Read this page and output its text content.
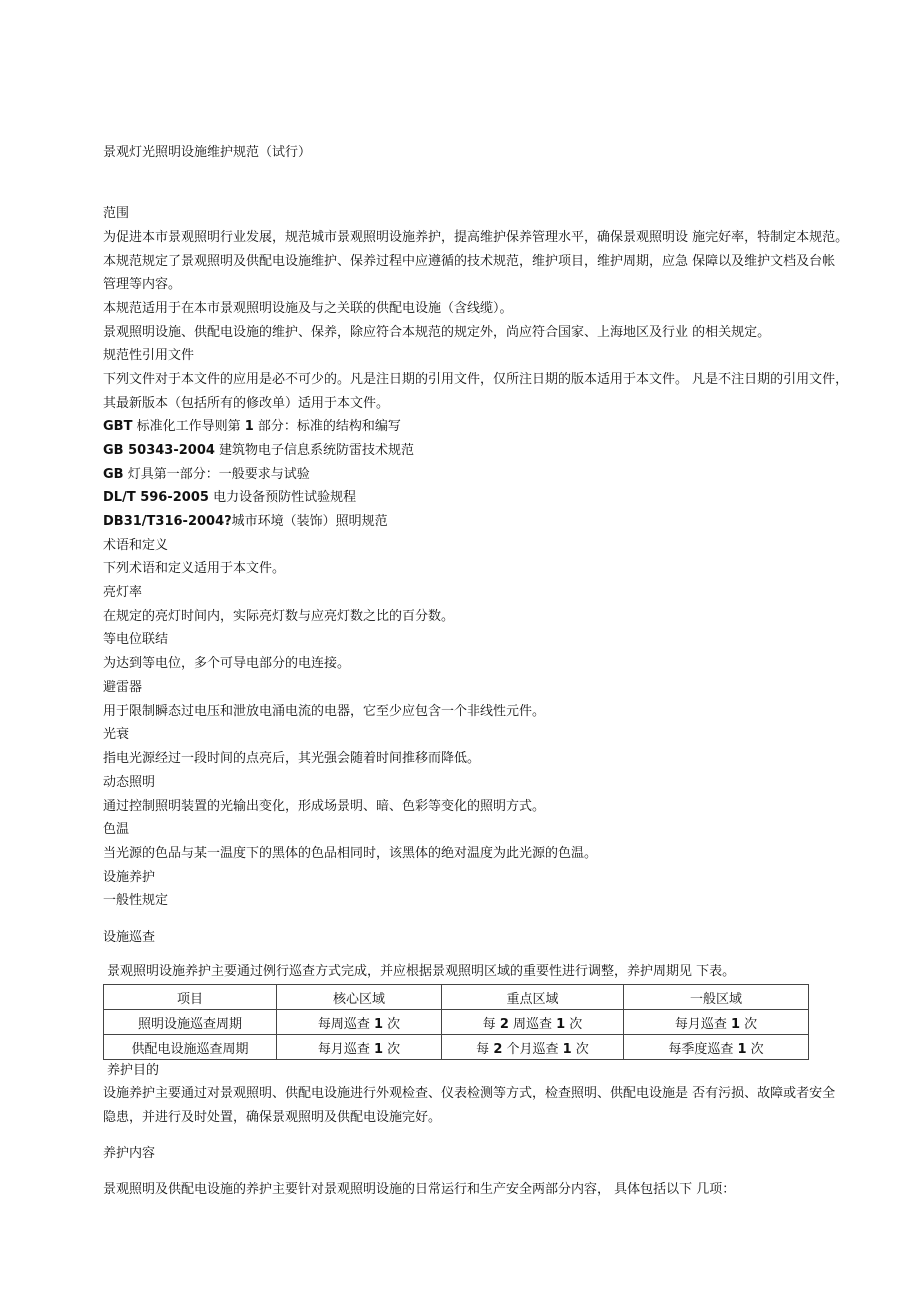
景观灯光照明设施维护规范（试行）
范围
为促进本市景观照明行业发展，规范城市景观照明设施养护，提高维护保养管理水平，确保景观照明设 施完好率，特制定本规范。
本规范规定了景观照明及供配电设施维护、保养过程中应遵循的技术规范，维护项目，维护周期，应急 保障以及维护文档及台帐
管理等内容。
本规范适用于在本市景观照明设施及与之关联的供配电设施（含线缆）。
景观照明设施、供配电设施的维护、保养，除应符合本规范的规定外，尚应符合国家、上海地区及行业 的相关规定。
规范性引用文件
下列文件对于本文件的应用是必不可少的。凡是注日期的引用文件，仅所注日期的版本适用于本文件。 凡是不注日期的引用文件，
其最新版本（包括所有的修改单）适用于本文件。
GBT 标准化工作导则第 1 部分：标准的结构和编写
GB 50343-2004 建筑物电子信息系统防雷技术规范
GB 灯具第一部分：一般要求与试验
DL/T 596-2005 电力设备预防性试验规程
DB31/T316-2004?城市环境（装饰）照明规范
术语和定义
下列术语和定义适用于本文件。
亮灯率
在规定的亮灯时间内，实际亮灯数与应亮灯数之比的百分数。
等电位联结
为达到等电位，多个可导电部分的电连接。
避雷器
用于限制瞬态过电压和泄放电涌电流的电器，它至少应包含一个非线性元件。
光衰
指电光源经过一段时间的点亮后，其光强会随着时间推移而降低。
动态照明
通过控制照明装置的光输出变化，形成场景明、暗、色彩等变化的照明方式。
色温
当光源的色品与某一温度下的黑体的色品相同时，该黑体的绝对温度为此光源的色温。
设施养护
一般性规定
设施巡查
景观照明设施养护主要通过例行巡查方式完成，并应根据景观照明区域的重要性进行调整，养护周期见 下表。
项目	核心区域	重点区域	一般区域
照明设施巡查周期	每周巡查 1 次	每 2 周巡查 1 次	每月巡查 1 次
供配电设施巡查周期	每月巡查 1 次	每 2 个月巡查 1 次	每季度巡查 1 次
养护目的
设施养护主要通过对景观照明、供配电设施进行外观检查、仪表检测等方式，检查照明、供配电设施是 否有污损、故障或者安全
隐患，并进行及时处置，确保景观照明及供配电设施完好。
养护内容
景观照明及供配电设施的养护主要针对景观照明设施的日常运行和生产安全两部分内容， 具体包括以下 几项：
